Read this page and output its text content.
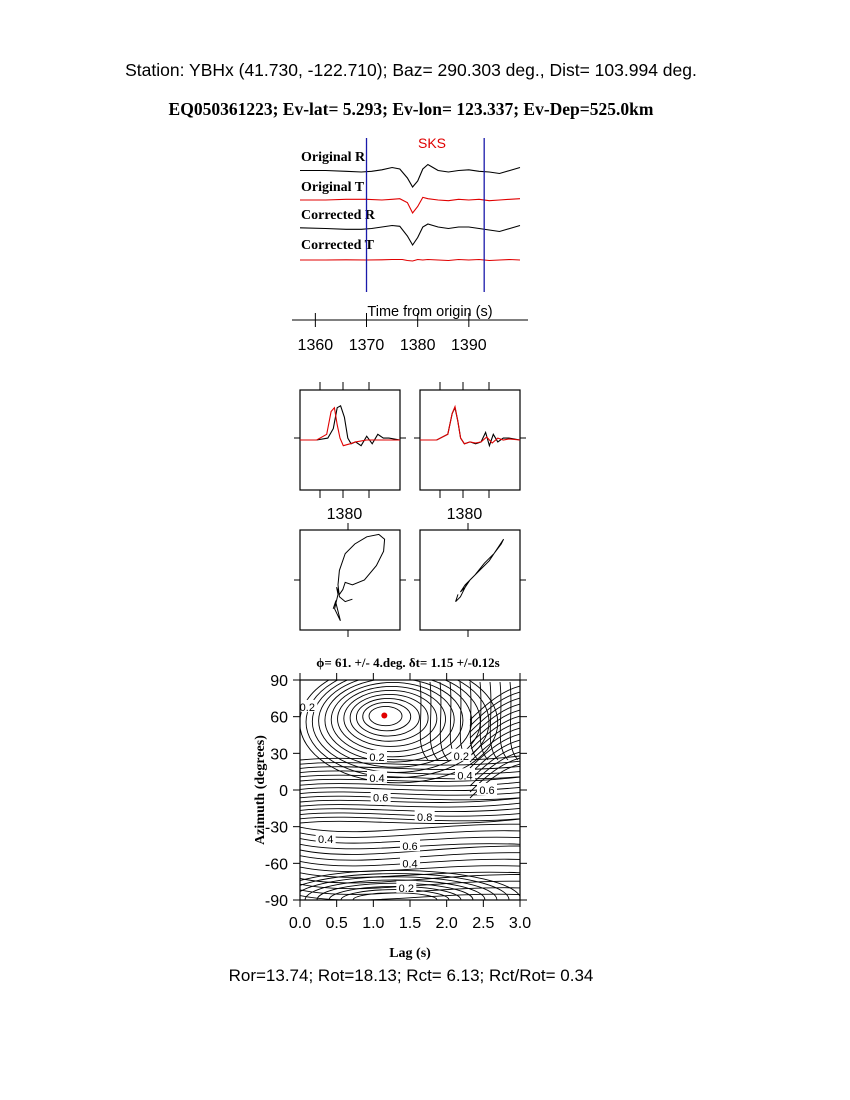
Station: YBHx (41.730, -122.710); Baz= 290.303 deg., Dist= 103.994 deg.
EQ050361223; Ev-lat= 5.293; Ev-lon= 123.337; Ev-Dep=525.0km
Original R
Original T
Corrected R
Corrected T
SKS
Time from origin (s)
1360 1370 1380 1390
1380	1380
ϕ= 61. +/- 4.deg. δt= 1.15 +/-0.12s
0.2
0.2	0.2
0.4	0.4
0.6
0.6
0.8
0.4
0.6
0.4
0.2
0.0 0.5 1.0 1.5 2.0 2.5 3.0
90
60
30
0
-30
-60
-90
Lag (s)
Azimuth (degrees)
Ror=13.74; Rot=18.13; Rct= 6.13; Rct/Rot= 0.34
